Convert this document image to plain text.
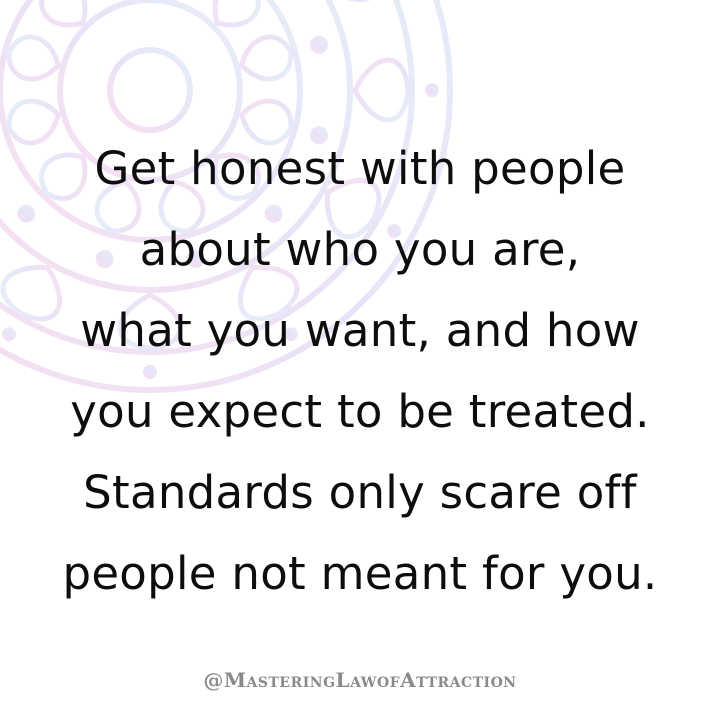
Get honest with people
about who you are,
what you want, and how
you expect to be treated.
Standards only scare off
people not meant for you.

@MasteringLawofAttraction
